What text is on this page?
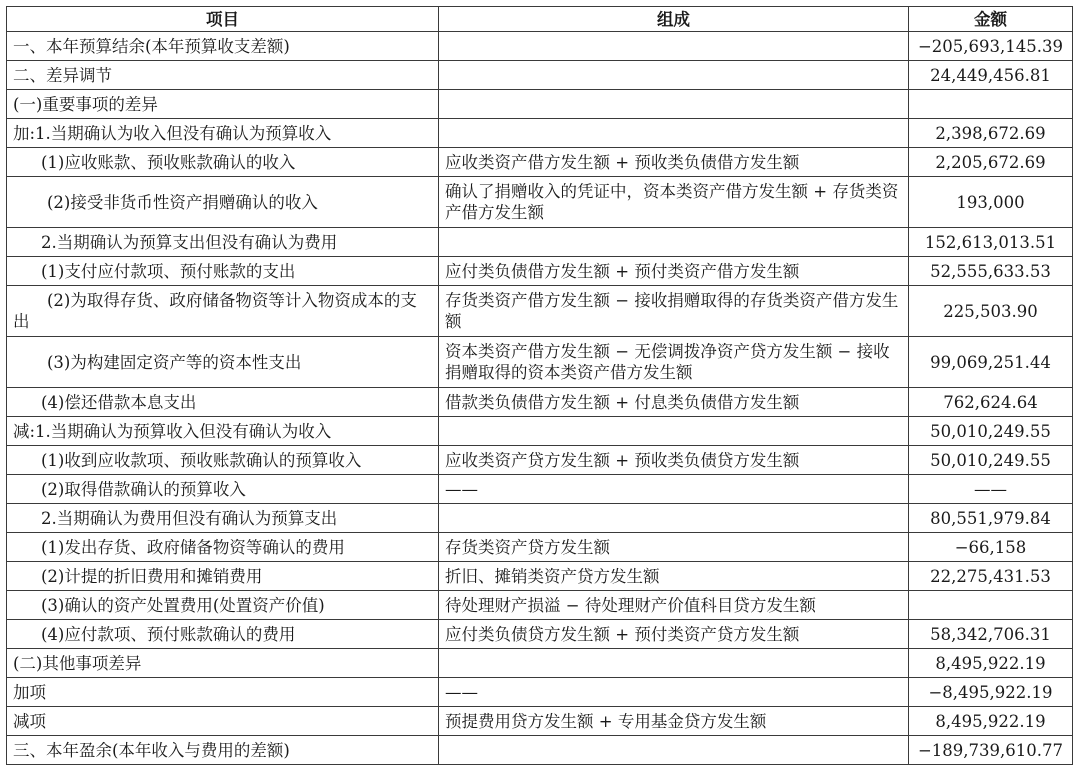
项目	组成	金额
一、本年预算结余(本年预算收支差额)		−205,693,145.39
二、差异调节		24,449,456.81
(一)重要事项的差异		
加:1.当期确认为收入但没有确认为预算收入		2,398,672.69
(1)应收账款、预收账款确认的收入	应收类资产借方发生额 + 预收类负债借方发生额	2,205,672.69
(2)接受非货币性资产捐赠确认的收入	确认了捐赠收入的凭证中，资本类资产借方发生额 + 存货类资产借方发生额	193,000
2.当期确认为预算支出但没有确认为费用		152,613,013.51
(1)支付应付款项、预付账款的支出	应付类负债借方发生额 + 预付类资产借方发生额	52,555,633.53
(2)为取得存货、政府储备物资等计入物资成本的支出	存货类资产借方发生额 − 接收捐赠取得的存货类资产借方发生额	225,503.90
(3)为构建固定资产等的资本性支出	资本类资产借方发生额 − 无偿调拨净资产贷方发生额 − 接收捐赠取得的资本类资产借方发生额	99,069,251.44
(4)偿还借款本息支出	借款类负债借方发生额 + 付息类负债借方发生额	762,624.64
减:1.当期确认为预算收入但没有确认为收入		50,010,249.55
(1)收到应收款项、预收账款确认的预算收入	应收类资产贷方发生额 + 预收类负债贷方发生额	50,010,249.55
(2)取得借款确认的预算收入	——	——
2.当期确认为费用但没有确认为预算支出		80,551,979.84
(1)发出存货、政府储备物资等确认的费用	存货类资产贷方发生额	−66,158
(2)计提的折旧费用和摊销费用	折旧、摊销类资产贷方发生额	22,275,431.53
(3)确认的资产处置费用(处置资产价值)	待处理财产损溢 − 待处理财产价值科目贷方发生额	
(4)应付款项、预付账款确认的费用	应付类负债贷方发生额 + 预付类资产贷方发生额	58,342,706.31
(二)其他事项差异		8,495,922.19
加项	——	−8,495,922.19
减项	预提费用贷方发生额 + 专用基金贷方发生额	8,495,922.19
三、本年盈余(本年收入与费用的差额)		−189,739,610.77
